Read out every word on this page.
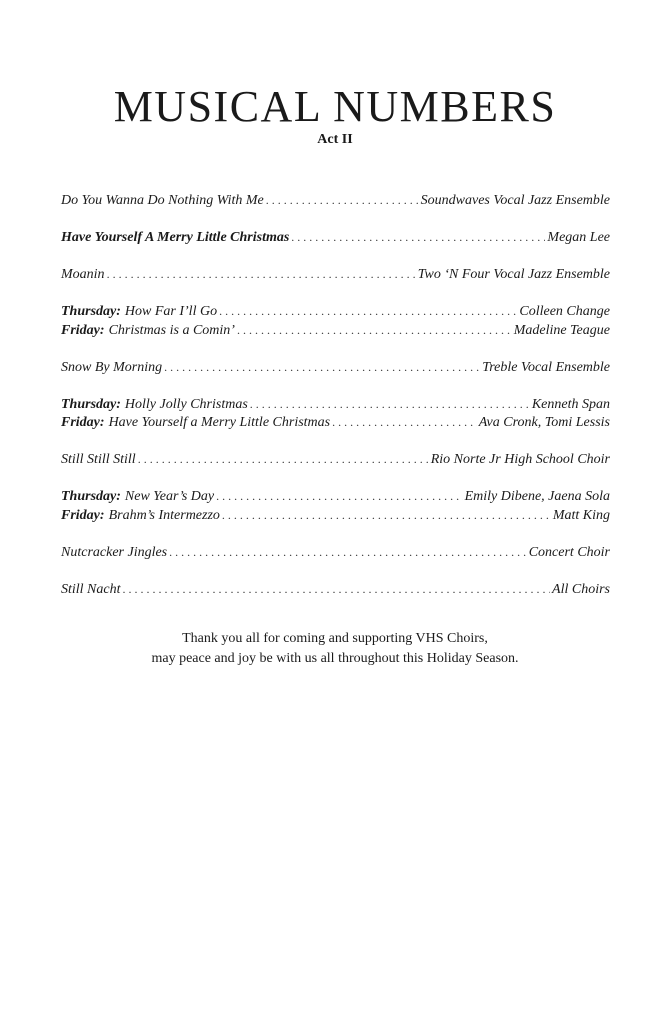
MUSICAL NUMBERS
Act II
Do You Wanna Do Nothing With Me . . .	Soundwaves Vocal Jazz Ensemble
Have Yourself A Merry Little Christmas . . .	Megan Lee
Moanin . . .	Two ‘N Four Vocal Jazz Ensemble
Thursday: How Far I’ll Go . . .	Colleen Change
Friday: Christmas is a Comin’ . . .	Madeline Teague
Snow By Morning . . .	Treble Vocal Ensemble
Thursday: Holly Jolly Christmas . . .	Kenneth Span
Friday: Have Yourself a Merry Little Christmas . . .	Ava Cronk, Tomi Lessis
Still Still Still . . .	Rio Norte Jr High School Choir
Thursday: New Year’s Day . . .	Emily Dibene, Jaena Sola
Friday: Brahm’s Intermezzo . . .	Matt King
Nutcracker Jingles . . .	Concert Choir
Still Nacht . . .	All Choirs
Thank you all for coming and supporting VHS Choirs,
may peace and joy be with us all throughout this Holiday Season.
